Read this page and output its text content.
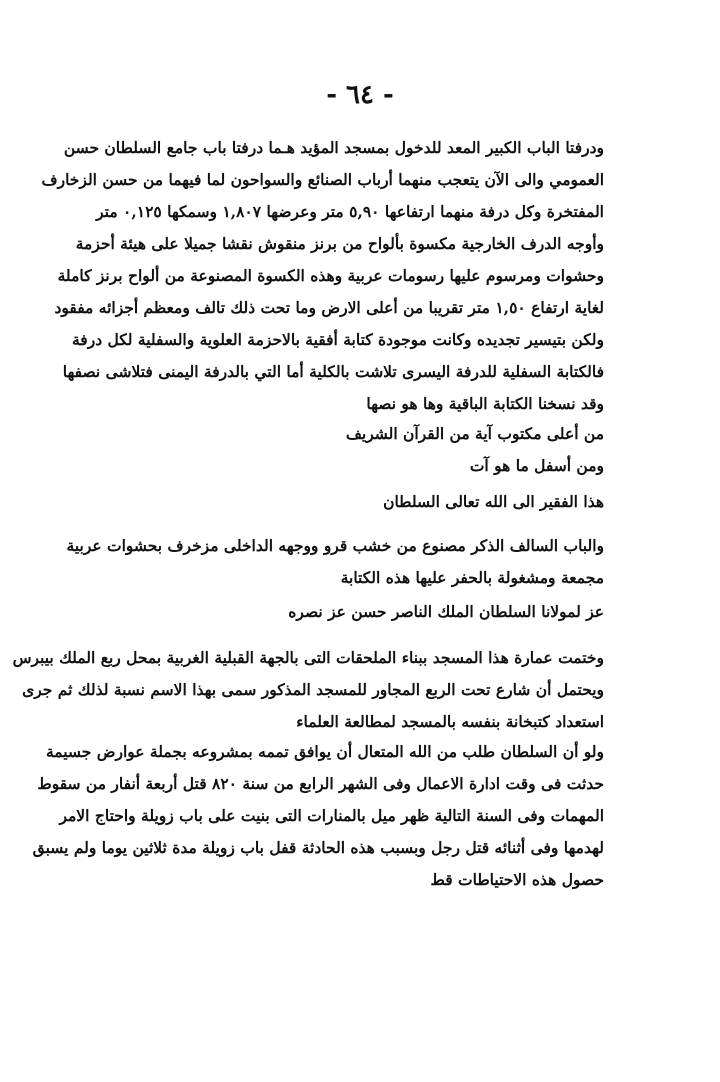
- ٦٤ -
ودرفتا الباب الكبير المعد للدخول بمسجد المؤيد هـما درفتا باب جامع السلطان حسن
العمومي والى الآن يتعجب منهما أرباب الصنائع والسواحون لما فيهما من حسن الزخارف
المفتخرة وكل درفة منهما ارتفاعها ٥,٩٠ متر وعرضها ١,٨٠٧ وسمكها ٠,١٢٥ متر
وأوجه الدرف الخارجية مكسوة بألواح من برنز منقوش نقشا جميلا على هيئة أحزمة
وحشوات ومرسوم عليها رسومات عربية وهذه الكسوة المصنوعة من ألواح برنز كاملة
لغاية ارتفاع ١,٥٠ متر تقريبا من أعلى الارض وما تحت ذلك تالف ومعظم أجزائه مفقود
ولكن بتيسير تجديده وكانت موجودة كتابة أفقية بالاحزمة العلوية والسفلية لكل درفة
فالكتابة السفلية للدرفة اليسرى تلاشت بالكلية أما التي بالدرفة اليمنى فتلاشى نصفها
وقد نسخنا الكتابة الباقية وها هو نصها
من أعلى مكتوب آية من القرآن الشريف
ومن أسفل ما هو آت
هذا الفقير الى الله تعالى السلطان
والباب السالف الذكر مصنوع من خشب قرو ووجهه الداخلى مزخرف بحشوات عربية
مجمعة ومشغولة بالحفر عليها هذه الكتابة
عز لمولانا السلطان الملك الناصر حسن عز نصره
وختمت عمارة هذا المسجد ببناء الملحقات التى بالجهة القبلية الغربية بمحل ربع الملك بيبرس
ويحتمل أن شارع تحت الربع المجاور للمسجد المذكور سمى بهذا الاسم نسبة لذلك ثم جرى
استعداد كتبخانة بنفسه بالمسجد لمطالعة العلماء
ولو أن السلطان طلب من الله المتعال أن يوافق تممه بمشروعه بجملة عوارض جسيمة
حدثت فى وقت ادارة الاعمال وفى الشهر الرابع من سنة ٨٢٠ قتل أربعة أنفار من سقوط
المهمات وفى السنة التالية ظهر ميل بالمنارات التى بنيت على باب زويلة واحتاج الامر
لهدمها وفى أثنائه قتل رجل وبسبب هذه الحادثة قفل باب زويلة مدة ثلاثين يوما ولم يسبق
حصول هذه الاحتياطات قط
